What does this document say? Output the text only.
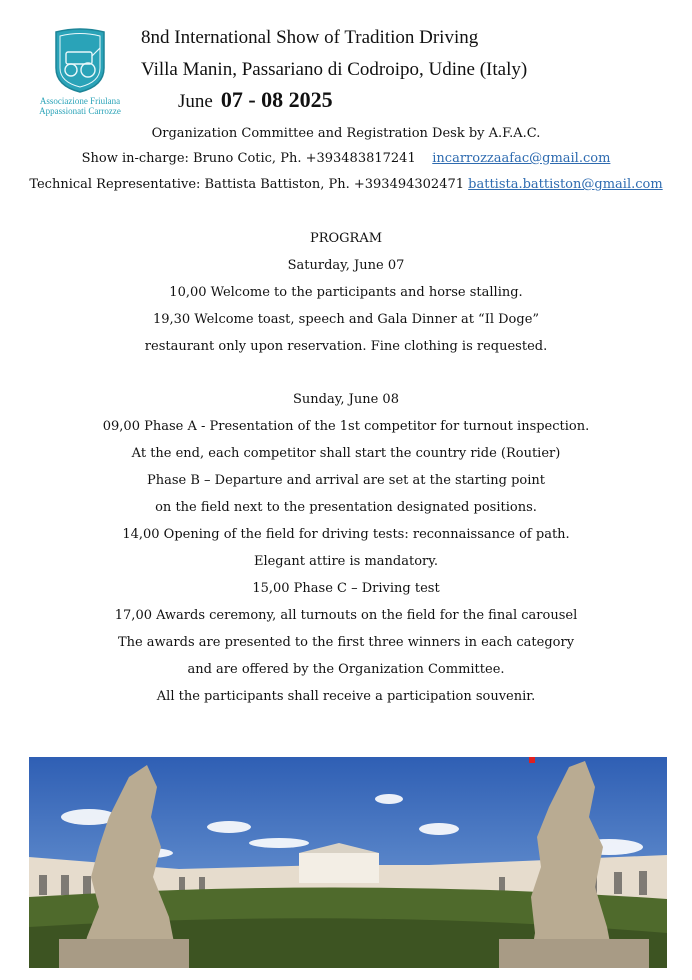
Associazione Friulana
Appassionati Carrozze
8nd International Show of Tradition Driving
Villa Manin, Passariano di Codroipo, Udine (Italy)
June 07 - 08 2025
Organization Committee and Registration Desk by A.F.A.C.
Show in-charge: Bruno Cotic, Ph. +393483817241 incarrozzaafac@gmail.com
Technical Representative: Battista Battiston, Ph. +393494302471 battista.battiston@gmail.com
PROGRAM
Saturday, June 07
10,00 Welcome to the participants and horse stalling.
19,30 Welcome toast, speech and Gala Dinner at “Il Doge”
restaurant only upon reservation. Fine clothing is requested.
Sunday, June 08
09,00 Phase A - Presentation of the 1st competitor for turnout inspection.
At the end, each competitor shall start the country ride (Routier)
Phase B – Departure and arrival are set at the starting point
on the field next to the presentation designated positions.
14,00 Opening of the field for driving tests: reconnaissance of path.
Elegant attire is mandatory.
15,00 Phase C – Driving test
17,00 Awards ceremony, all turnouts on the field for the final carousel
The awards are presented to the first three winners in each category
and are offered by the Organization Committee.
All the participants shall receive a participation souvenir.
